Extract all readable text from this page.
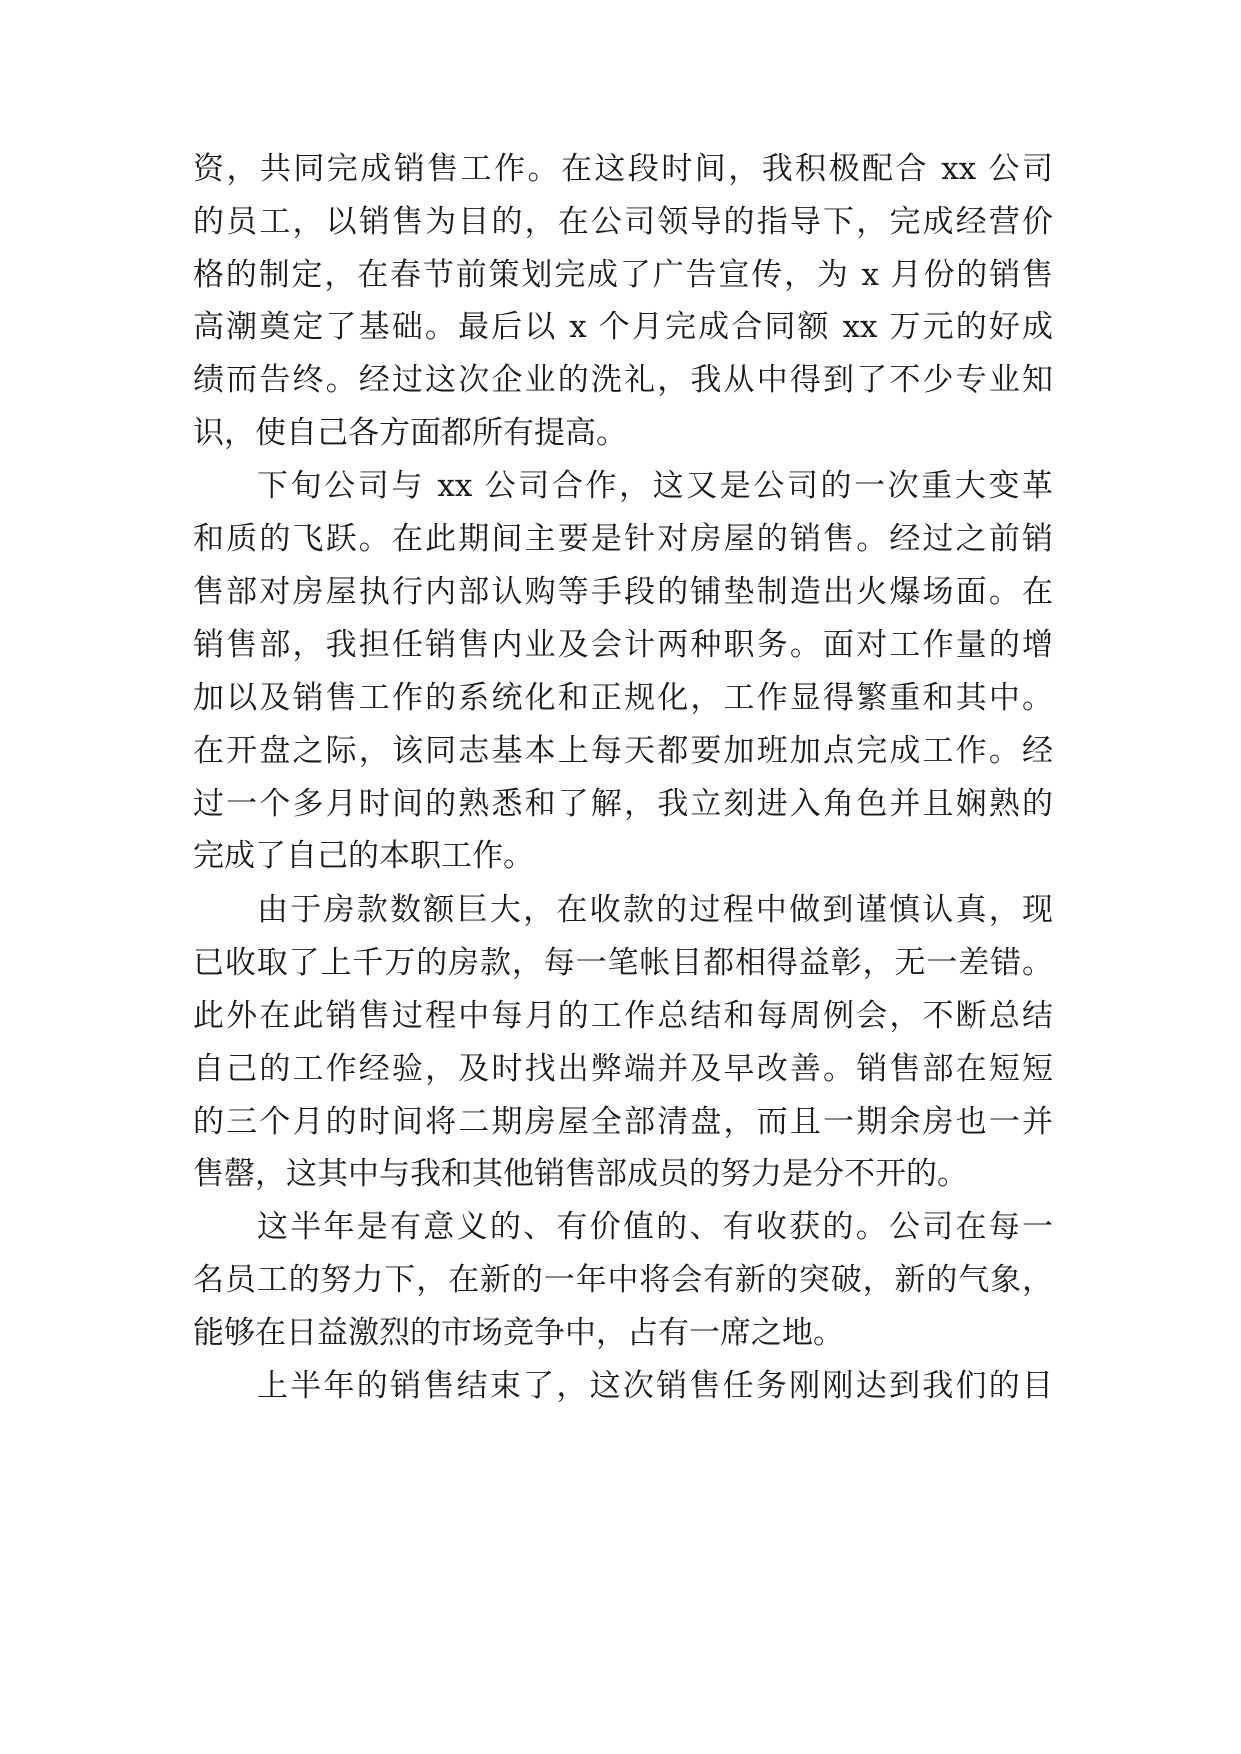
资，共同完成销售工作。在这段时间，我积极配合 xx 公司
的员工，以销售为目的，在公司领导的指导下，完成经营价
格的制定，在春节前策划完成了广告宣传，为 x 月份的销售
高潮奠定了基础。最后以 x 个月完成合同额 xx 万元的好成
绩而告终。经过这次企业的洗礼，我从中得到了不少专业知
识，使自己各方面都所有提高。
下旬公司与 xx 公司合作，这又是公司的一次重大变革
和质的飞跃。在此期间主要是针对房屋的销售。经过之前销
售部对房屋执行内部认购等手段的铺垫制造出火爆场面。在
销售部，我担任销售内业及会计两种职务。面对工作量的增
加以及销售工作的系统化和正规化，工作显得繁重和其中。
在开盘之际，该同志基本上每天都要加班加点完成工作。经
过一个多月时间的熟悉和了解，我立刻进入角色并且娴熟的
完成了自己的本职工作。
由于房款数额巨大，在收款的过程中做到谨慎认真，现
已收取了上千万的房款，每一笔帐目都相得益彰，无一差错。
此外在此销售过程中每月的工作总结和每周例会，不断总结
自己的工作经验，及时找出弊端并及早改善。销售部在短短
的三个月的时间将二期房屋全部清盘，而且一期余房也一并
售罄，这其中与我和其他销售部成员的努力是分不开的。
这半年是有意义的、有价值的、有收获的。公司在每一
名员工的努力下，在新的一年中将会有新的突破，新的气象，
能够在日益激烈的市场竞争中，占有一席之地。
上半年的销售结束了，这次销售任务刚刚达到我们的目
